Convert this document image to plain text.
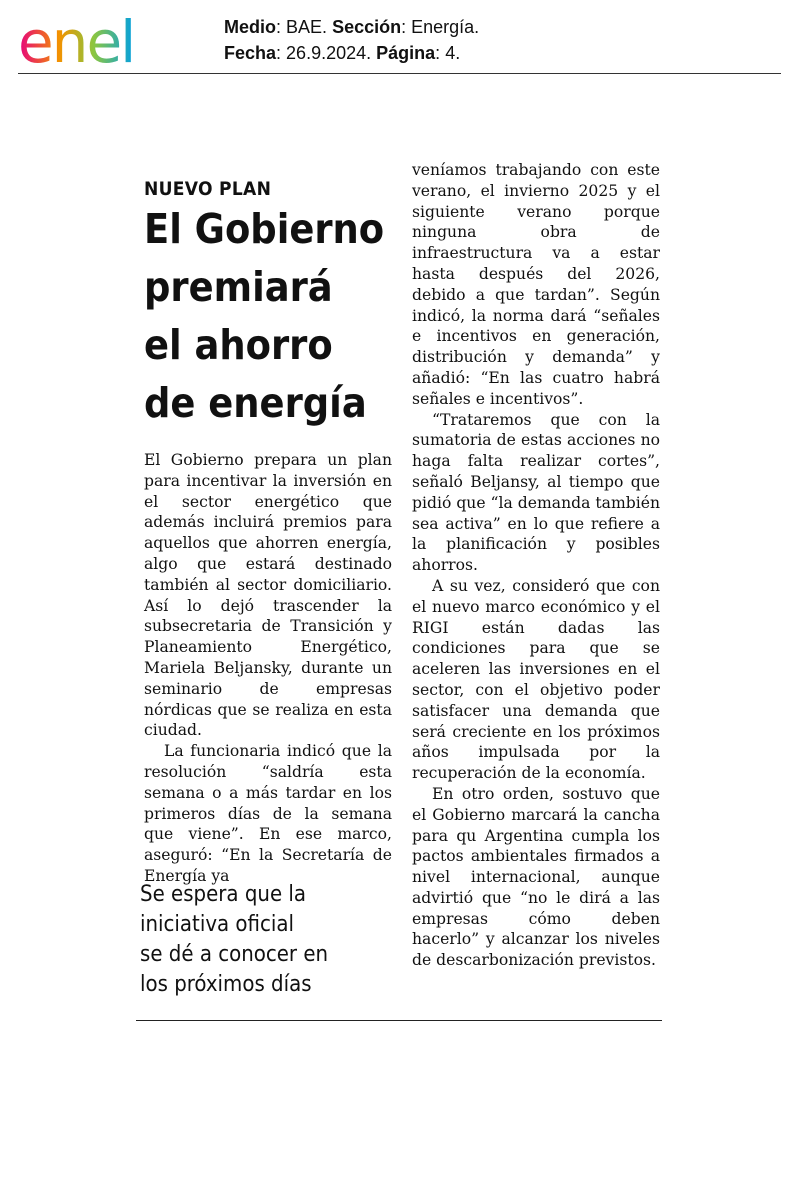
enel	Medio: BAE. Sección: Energía.
Fecha: 26.9.2024. Página: 4.
NUEVO PLAN
El Gobierno
premiará
el ahorro
de energía

El Gobierno prepara un plan para incentivar la inversión en el sector energético que además incluirá premios para aquellos que ahorren energía, algo que estará destinado también al sector domiciliario. Así lo dejó trascender la subsecretaria de Transición y Planeamiento Energético, Mariela Beljansky, durante un seminario de empresas nórdicas que se realiza en esta ciudad.

La funcionaria indicó que la resolución “saldría esta semana o a más tardar en los primeros días de la semana que viene”. En ese marco, aseguró: “En la Secretaría de Energía ya

Se espera que la
iniciativa oficial
se dé a conocer en
los próximos días

veníamos trabajando con este verano, el invierno 2025 y el siguiente verano porque ninguna obra de infraestructura va a estar hasta después del 2026, debido a que tardan”. Según indicó, la norma dará “señales e incentivos en generación, distribución y demanda” y añadió: “En las cuatro habrá señales e incentivos”.

“Trataremos que con la sumatoria de estas acciones no haga falta realizar cortes”, señaló Beljansy, al tiempo que pidió que “la demanda también sea activa” en lo que refiere a la planificación y posibles ahorros.

A su vez, consideró que con el nuevo marco económico y el RIGI están dadas las condiciones para que se aceleren las inversiones en el sector, con el objetivo poder satisfacer una demanda que será creciente en los próximos años impulsada por la recuperación de la economía.

En otro orden, sostuvo que el Gobierno marcará la cancha para qu Argentina cumpla los pactos ambientales firmados a nivel internacional, aunque advirtió que “no le dirá a las empresas cómo deben hacerlo” y alcanzar los niveles de descarbonización previstos.
